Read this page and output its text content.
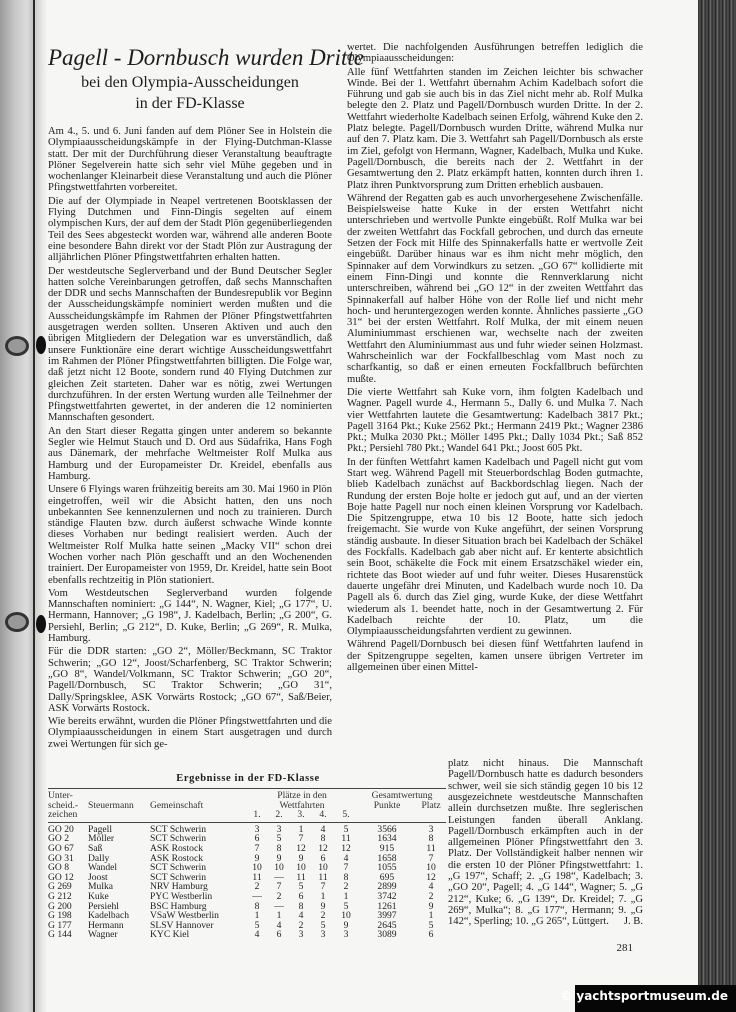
Pagell - Dornbusch wurden Dritte
bei den Olympia-Ausscheidungen
in der FD-Klasse

Am 4., 5. und 6. Juni fanden auf dem Plöner See in Holstein die Olympiaausscheidungskämpfe in der Flying-Dutchman-Klasse statt. Der mit der Durchführung dieser Veranstaltung beauftragte Plöner Segelverein hatte sich sehr viel Mühe gegeben und in wochenlanger Kleinarbeit diese Veranstaltung und auch die Plöner Pfingstwettfahrten vorbereitet.

Die auf der Olympiade in Neapel vertretenen Bootsklassen der Flying Dutchmen und Finn-Dingis segelten auf einem olympischen Kurs, der auf dem der Stadt Plön gegenüberliegenden Teil des Sees abgesteckt worden war, während alle anderen Boote eine besondere Bahn direkt vor der Stadt Plön zur Austragung der alljährlichen Plöner Pfingstwettfahrten erhalten hatten.

Der westdeutsche Seglerverband und der Bund Deutscher Segler hatten solche Vereinbarungen getroffen, daß sechs Mannschaften der DDR und sechs Mannschaften der Bundesrepublik vor Beginn der Ausscheidungskämpfe nominiert werden mußten und die Ausscheidungskämpfe im Rahmen der Plöner Pfingstwettfahrten ausgetragen werden sollten. Unseren Aktiven und auch den übrigen Mitgliedern der Delegation war es unverständlich, daß unsere Funktionäre eine derart wichtige Ausscheidungswettfahrt im Rahmen der Plöner Pfingstwettfahrten billigten. Die Folge war, daß jetzt nicht 12 Boote, sondern rund 40 Flying Dutchmen zur gleichen Zeit starteten. Daher war es nötig, zwei Wertungen durchzuführen. In der ersten Wertung wurden alle Teilnehmer der Pfingstwettfahrten gewertet, in der anderen die 12 nominierten Mannschaften gesondert.

An den Start dieser Regatta gingen unter anderem so bekannte Segler wie Helmut Stauch und D. Ord aus Südafrika, Hans Fogh aus Dänemark, der mehrfache Weltmeister Rolf Mulka aus Hamburg und der Europameister Dr. Kreidel, ebenfalls aus Hamburg.

Unsere 6 Flyings waren frühzeitig bereits am 30. Mai 1960 in Plön eingetroffen, weil wir die Absicht hatten, den uns noch unbekannten See kennenzulernen und noch zu trainieren. Durch ständige Flauten bzw. durch äußerst schwache Winde konnte dieses Vorhaben nur bedingt realisiert werden. Auch der Weltmeister Rolf Mulka hatte seinen „Macky VII“ schon drei Wochen vorher nach Plön geschafft und an den Wochenenden trainiert. Der Europameister von 1959, Dr. Kreidel, hatte sein Boot ebenfalls rechtzeitig in Plön stationiert.

Vom Westdeutschen Seglerverband wurden folgende Mannschaften nominiert: „G 144“, N. Wagner, Kiel; „G 177“, U. Hermann, Hannover; „G 198“, J. Kadelbach, Berlin; „G 200“, G. Persiehl, Berlin; „G 212“, D. Kuke, Berlin; „G 269“, R. Mulka, Hamburg.

Für die DDR starten: „GO 2“, Möller/Beckmann, SC Traktor Schwerin; „GO 12“, Joost/Scharfenberg, SC Traktor Schwerin; „GO 8“, Wandel/Volkmann, SC Traktor Schwerin; „GO 20“, Pagell/Dornbusch, SC Traktor Schwerin; „GO 31“, Dally/Springsklee, ASK Vorwärts Rostock; „GO 67“, Saß/Beier, ASK Vorwärts Rostock.

Wie bereits erwähnt, wurden die Plöner Pfingstwettfahrten und die Olympiaausscheidungen in einem Start ausgetragen und durch zwei Wertungen für sich ge-

wertet. Die nachfolgenden Ausführungen betreffen lediglich die Olympiaausscheidungen:

Alle fünf Wettfahrten standen im Zeichen leichter bis schwacher Winde. Bei der 1. Wettfahrt übernahm Achim Kadelbach sofort die Führung und gab sie auch bis in das Ziel nicht mehr ab. Rolf Mulka belegte den 2. Platz und Pagell/Dornbusch wurden Dritte. In der 2. Wettfahrt wiederholte Kadelbach seinen Erfolg, während Kuke den 2. Platz belegte. Pagell/Dornbusch wurden Dritte, während Mulka nur auf den 7. Platz kam. Die 3. Wettfahrt sah Pagell/Dornbusch als erste im Ziel, gefolgt von Hermann, Wagner, Kadelbach, Mulka und Kuke. Pagell/Dornbusch, die bereits nach der 2. Wettfahrt in der Gesamtwertung den 2. Platz erkämpft hatten, konnten durch ihren 1. Platz ihren Punktvorsprung zum Dritten erheblich ausbauen.

Während der Regatten gab es auch unvorhergesehene Zwischenfälle. Beispielsweise hatte Kuke in der ersten Wettfahrt nicht unterschrieben und wertvolle Punkte eingebüßt. Rolf Mulka war bei der zweiten Wettfahrt das Fockfall gebrochen, und durch das erneute Setzen der Fock mit Hilfe des Spinnakerfalls hatte er wertvolle Zeit eingebüßt. Darüber hinaus war es ihm nicht mehr möglich, den Spinnaker auf dem Vorwindkurs zu setzen. „GO 67“ kollidierte mit einem Finn-Dingi und konnte die Rennverklarung nicht unterschreiben, während bei „GO 12“ in der zweiten Wettfahrt das Spinnakerfall auf halber Höhe von der Rolle lief und nicht mehr hoch- und heruntergezogen werden konnte. Ähnliches passierte „GO 31“ bei der ersten Wettfahrt. Rolf Mulka, der mit einem neuen Aluminiummast erschienen war, wechselte nach der zweiten Wettfahrt den Aluminiummast aus und fuhr wieder seinen Holzmast. Wahrscheinlich war der Fockfallbeschlag vom Mast noch zu scharfkantig, so daß er einen erneuten Fockfallbruch befürchten mußte.

Die vierte Wettfahrt sah Kuke vorn, ihm folgten Kadelbach und Wagner. Pagell wurde 4., Hermann 5., Dally 6. und Mulka 7. Nach vier Wettfahrten lautete die Gesamtwertung: Kadelbach 3817 Pkt.; Pagell 3164 Pkt.; Kuke 2562 Pkt.; Hermann 2419 Pkt.; Wagner 2386 Pkt.; Mulka 2030 Pkt.; Möller 1495 Pkt.; Dally 1034 Pkt.; Saß 852 Pkt.; Persiehl 780 Pkt.; Wandel 641 Pkt.; Joost 605 Pkt.

In der fünften Wettfahrt kamen Kadelbach und Pagell nicht gut vom Start weg. Während Pagell mit Steuerbordschlag Boden gutmachte, blieb Kadelbach zunächst auf Backbordschlag liegen. Nach der Rundung der ersten Boje holte er jedoch gut auf, und an der vierten Boje hatte Pagell nur noch einen kleinen Vorsprung vor Kadelbach. Die Spitzengruppe, etwa 10 bis 12 Boote, hatte sich jedoch freigemacht. Sie wurde von Kuke angeführt, der seinen Vorsprung ständig ausbaute. In dieser Situation brach bei Kadelbach der Schäkel des Fockfalls. Kadelbach gab aber nicht auf. Er kenterte absichtlich sein Boot, schäkelte die Fock mit einem Ersatzschäkel wieder ein, richtete das Boot wieder auf und fuhr weiter. Dieses Husarenstück dauerte ungefähr drei Minuten, und Kadelbach wurde noch 10. Da Pagell als 6. durch das Ziel ging, wurde Kuke, der diese Wettfahrt wiederum als 1. beendet hatte, noch in der Gesamtwertung 2. Für Kadelbach reichte der 10. Platz, um die Olympiaausscheidungsfahrten verdient zu gewinnen.

Während Pagell/Dornbusch bei diesen fünf Wettfahrten laufend in der Spitzengruppe segelten, kamen unsere übrigen Vertreter im allgemeinen über einen Mittel-

Ergebnisse in der FD-Klasse
Unter-			Plätze in den					Gesamtwertung	
scheid.-	Steuermann	Gemeinschaft	Wettfahrten					Punkte	Platz
zeichen			1.	2.	3.	4.	5.		
GO 20	Pagell	SCT Schwerin	3	3	1	4	5	3566	3
GO 2	Möller	SCT Schwerin	6	5	7	8	11	1634	8
GO 67	Saß	ASK Rostock	7	8	12	12	12	915	11
GO 31	Dally	ASK Rostock	9	9	9	6	4	1658	7
GO 8	Wandel	SCT Schwerin	10	10	10	10	7	1055	10
GO 12	Joost	SCT Schwerin	11	—	11	11	8	695	12
G 269	Mulka	NRV Hamburg	2	7	5	7	2	2899	4
G 212	Kuke	PYC Westberlin	—	2	6	1	1	3742	2
G 200	Persiehl	BSC Hamburg	8	—	8	9	5	1261	9
G 198	Kadelbach	VSaW Westberlin	1	1	4	2	10	3997	1
G 177	Hermann	SLSV Hannover	5	4	2	5	9	2645	5
G 144	Wagner	KYC Kiel	4	6	3	3	3	3089	6

platz nicht hinaus. Die Mannschaft Pagell/Dornbusch hatte es dadurch besonders schwer, weil sie sich ständig gegen 10 bis 12 ausgezeichnete westdeutsche Mannschaften allein durchsetzen mußte. Ihre seglerischen Leistungen fanden überall Anklang. Pagell/Dornbusch erkämpften auch in der allgemeinen Plöner Pfingstwettfahrt den 3. Platz. Der Vollständigkeit halber nennen wir die ersten 10 der Plöner Pfingstwettfahrt: 1. „G 197“, Schaff; 2. „G 198“, Kadelbach; 3. „GO 20“, Pagell; 4. „G 144“, Wagner; 5. „G 212“, Kuke; 6. „G 139“, Dr. Kreidel; 7. „G 269“, Mulka“; 8. „G 177“, Hermann; 9. „G 142“, Sperling; 10. „G 265“, Lüttgert. J. B.

281
© yachtsportmuseum.de
